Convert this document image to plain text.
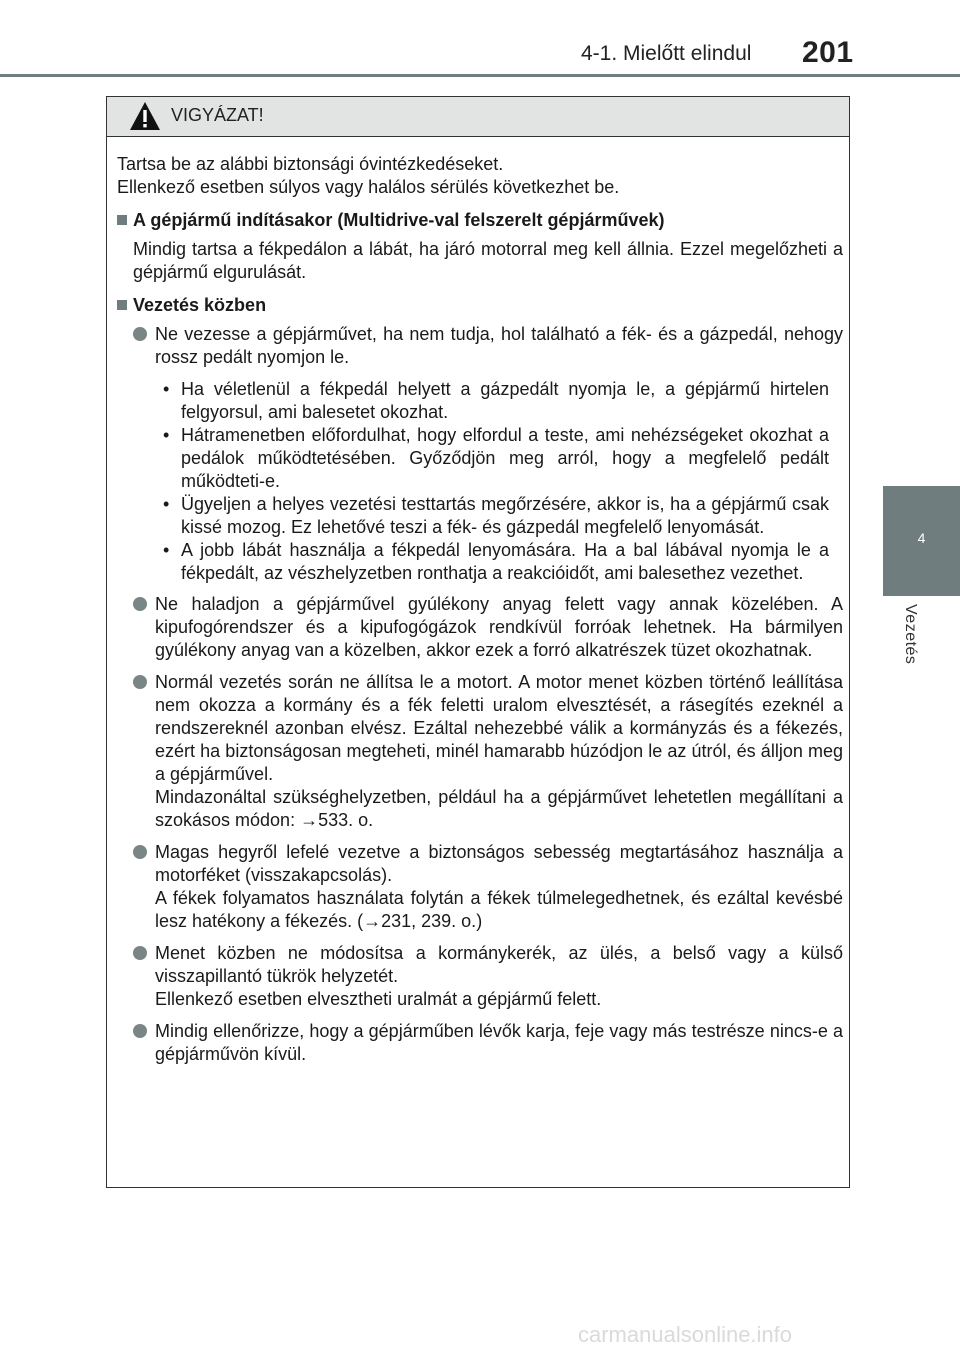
4-1. Mielőtt elindul 201
4
Vezetés
VIGYÁZAT!

Tartsa be az alábbi biztonsági óvintézkedéseket.
Ellenkező esetben súlyos vagy halálos sérülés következhet be.

A gépjármű indításakor (Multidrive-val felszerelt gépjárművek)

Mindig tartsa a fékpedálon a lábát, ha járó motorral meg kell állnia. Ezzel megelőzheti a gépjármű elgurulását.

Vezetés közben

Ne vezesse a gépjárművet, ha nem tudja, hol található a fék- és a gázpedál, nehogy rossz pedált nyomjon le.

• Ha véletlenül a fékpedál helyett a gázpedált nyomja le, a gépjármű hirtelen felgyorsul, ami balesetet okozhat.

• Hátramenetben előfordulhat, hogy elfordul a teste, ami nehézségeket okozhat a pedálok működtetésében. Győződjön meg arról, hogy a megfelelő pedált működteti-e.

• Ügyeljen a helyes vezetési testtartás megőrzésére, akkor is, ha a gépjármű csak kissé mozog. Ez lehetővé teszi a fék- és gázpedál megfelelő lenyomását.

• A jobb lábát használja a fékpedál lenyomására. Ha a bal lábával nyomja le a fékpedált, az vészhelyzetben ronthatja a reakcióidőt, ami balesethez vezethet.

Ne haladjon a gépjárművel gyúlékony anyag felett vagy annak közelében. A kipufogórendszer és a kipufogógázok rendkívül forróak lehetnek. Ha bármilyen gyúlékony anyag van a közelben, akkor ezek a forró alkatrészek tüzet okozhatnak.

Normál vezetés során ne állítsa le a motort. A motor menet közben történő leállítása nem okozza a kormány és a fék feletti uralom elvesztését, a rásegítés ezeknél a rendszereknél azonban elvész. Ezáltal nehezebbé válik a kormányzás és a fékezés, ezért ha biztonságosan megteheti, minél hamarabb húzódjon le az útról, és álljon meg a gépjárművel.

Mindazonáltal szükséghelyzetben, például ha a gépjárművet lehetetlen megállítani a szokásos módon: →533. o.

Magas hegyről lefelé vezetve a biztonságos sebesség megtartásához használja a motorféket (visszakapcsolás).

A fékek folyamatos használata folytán a fékek túlmelegedhetnek, és ezáltal kevésbé lesz hatékony a fékezés. (→231, 239. o.)

Menet közben ne módosítsa a kormánykerék, az ülés, a belső vagy a külső visszapillantó tükrök helyzetét.

Ellenkező esetben elvesztheti uralmát a gépjármű felett.

Mindig ellenőrizze, hogy a gépjárműben lévők karja, feje vagy más testrésze nincs-e a gépjárművön kívül.

carmanualsonline.info
